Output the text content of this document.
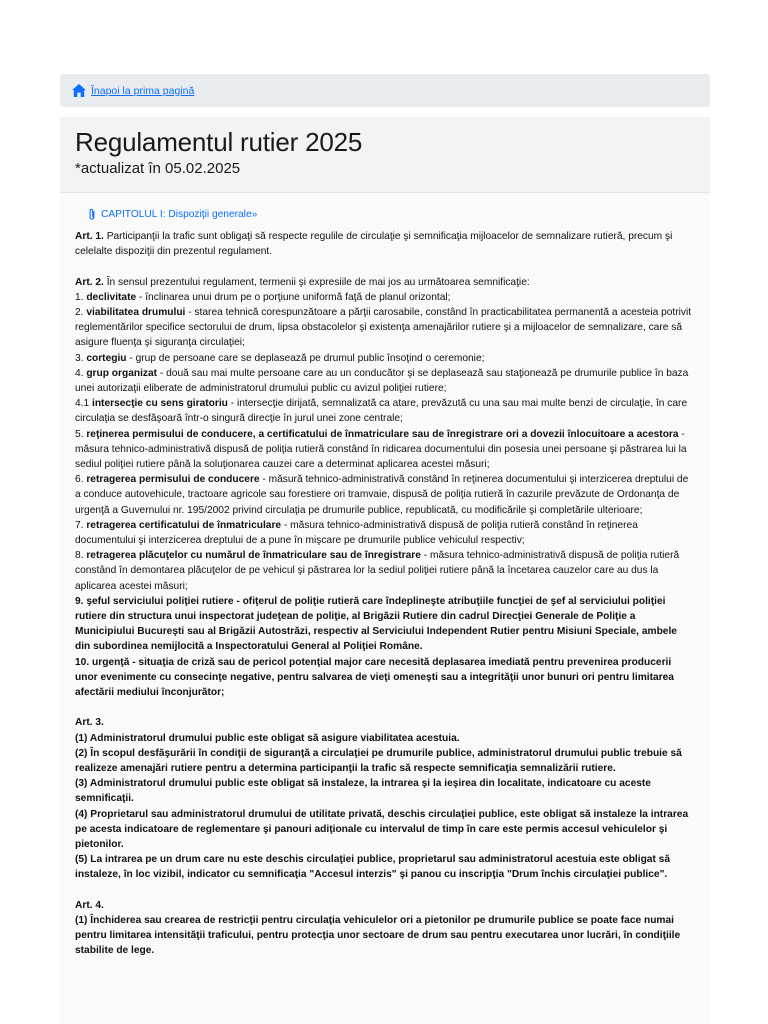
Înapoi la prima pagină
Regulamentul rutier 2025

*actualizat în 05.02.2025

CAPITOLUL I: Dispoziţii generale»

Art. 1. Participanţii la trafic sunt obligaţi să respecte regulile de circulaţie şi semnificaţia mijloacelor de semnalizare rutieră, precum şi celelalte dispoziţii din prezentul regulament.

Art. 2. În sensul prezentului regulament, termenii şi expresiile de mai jos au următoarea semnificaţie:

1. declivitate - înclinarea unui drum pe o porţiune uniformă faţă de planul orizontal;

2. viabilitatea drumului - starea tehnică corespunzătoare a părţii carosabile, constând în practicabilitatea permanentă a acesteia potrivit reglementărilor specifice sectorului de drum, lipsa obstacolelor şi existenţa amenajărilor rutiere şi a mijloacelor de semnalizare, care să asigure fluenţa şi siguranţa circulaţiei;

3. cortegiu - grup de persoane care se deplasează pe drumul public însoţind o ceremonie;

4. grup organizat - două sau mai multe persoane care au un conducător şi se deplasează sau staţionează pe drumurile publice în baza unei autorizaţii eliberate de administratorul drumului public cu avizul poliţiei rutiere;

4.1 intersecţie cu sens giratoriu - intersecţie dirijată, semnalizată ca atare, prevăzută cu una sau mai multe benzi de circulaţie, în care circulaţia se desfăşoară într-o singură direcţie în jurul unei zone centrale;

5. reţinerea permisului de conducere, a certificatului de înmatriculare sau de înregistrare ori a dovezii înlocuitoare a acestora - măsura tehnico-administrativă dispusă de poliţia rutieră constând în ridicarea documentului din posesia unei persoane şi păstrarea lui la sediul poliţiei rutiere până la soluţionarea cauzei care a determinat aplicarea acestei măsuri;

6. retragerea permisului de conducere - măsură tehnico-administrativă constând în reţinerea documentului şi interzicerea dreptului de a conduce autovehicule, tractoare agricole sau forestiere ori tramvaie, dispusă de poliţia rutieră în cazurile prevăzute de Ordonanţa de urgenţă a Guvernului nr. 195/2002 privind circulaţia pe drumurile publice, republicată, cu modificările şi completările ulterioare;

7. retragerea certificatului de înmatriculare - măsura tehnico-administrativă dispusă de poliţia rutieră constând în reţinerea documentului şi interzicerea dreptului de a pune în mişcare pe drumurile publice vehiculul respectiv;

8. retragerea plăcuţelor cu numărul de înmatriculare sau de înregistrare - măsura tehnico-administrativă dispusă de poliţia rutieră constând în demontarea plăcuţelor de pe vehicul şi păstrarea lor la sediul poliţiei rutiere până la încetarea cauzelor care au dus la aplicarea acestei măsuri;

9. şeful serviciului poliţiei rutiere - ofiţerul de poliţie rutieră care îndeplineşte atribuţiile funcţiei de şef al serviciului poliţiei rutiere din structura unui inspectorat judeţean de poliţie, al Brigăzii Rutiere din cadrul Direcţiei Generale de Poliţie a Municipiului Bucureşti sau al Brigăzii Autostrăzi, respectiv al Serviciului Independent Rutier pentru Misiuni Speciale, ambele din subordinea nemijlocită a Inspectoratului General al Poliţiei Române.

10. urgenţă - situaţia de criză sau de pericol potenţial major care necesită deplasarea imediată pentru prevenirea producerii unor evenimente cu consecinţe negative, pentru salvarea de vieţi omeneşti sau a integrităţii unor bunuri ori pentru limitarea afectării mediului înconjurător;

Art. 3.

(1) Administratorul drumului public este obligat să asigure viabilitatea acestuia.

(2) În scopul desfăşurării în condiţii de siguranţă a circulaţiei pe drumurile publice, administratorul drumului public trebuie să realizeze amenajări rutiere pentru a determina participanţii la trafic să respecte semnificaţia semnalizării rutiere.

(3) Administratorul drumului public este obligat să instaleze, la intrarea şi la ieşirea din localitate, indicatoare cu aceste semnificaţii.

(4) Proprietarul sau administratorul drumului de utilitate privată, deschis circulaţiei publice, este obligat să instaleze la intrarea pe acesta indicatoare de reglementare şi panouri adiţionale cu intervalul de timp în care este permis accesul vehiculelor şi pietonilor.

(5) La intrarea pe un drum care nu este deschis circulaţiei publice, proprietarul sau administratorul acestuia este obligat să instaleze, în loc vizibil, indicator cu semnificaţia "Accesul interzis" şi panou cu inscripţia "Drum închis circulaţiei publice".

Art. 4.

(1) Închiderea sau crearea de restricţii pentru circulaţia vehiculelor ori a pietonilor pe drumurile publice se poate face numai pentru limitarea intensităţii traficului, pentru protecţia unor sectoare de drum sau pentru executarea unor lucrări, în condiţiile stabilite de lege.
